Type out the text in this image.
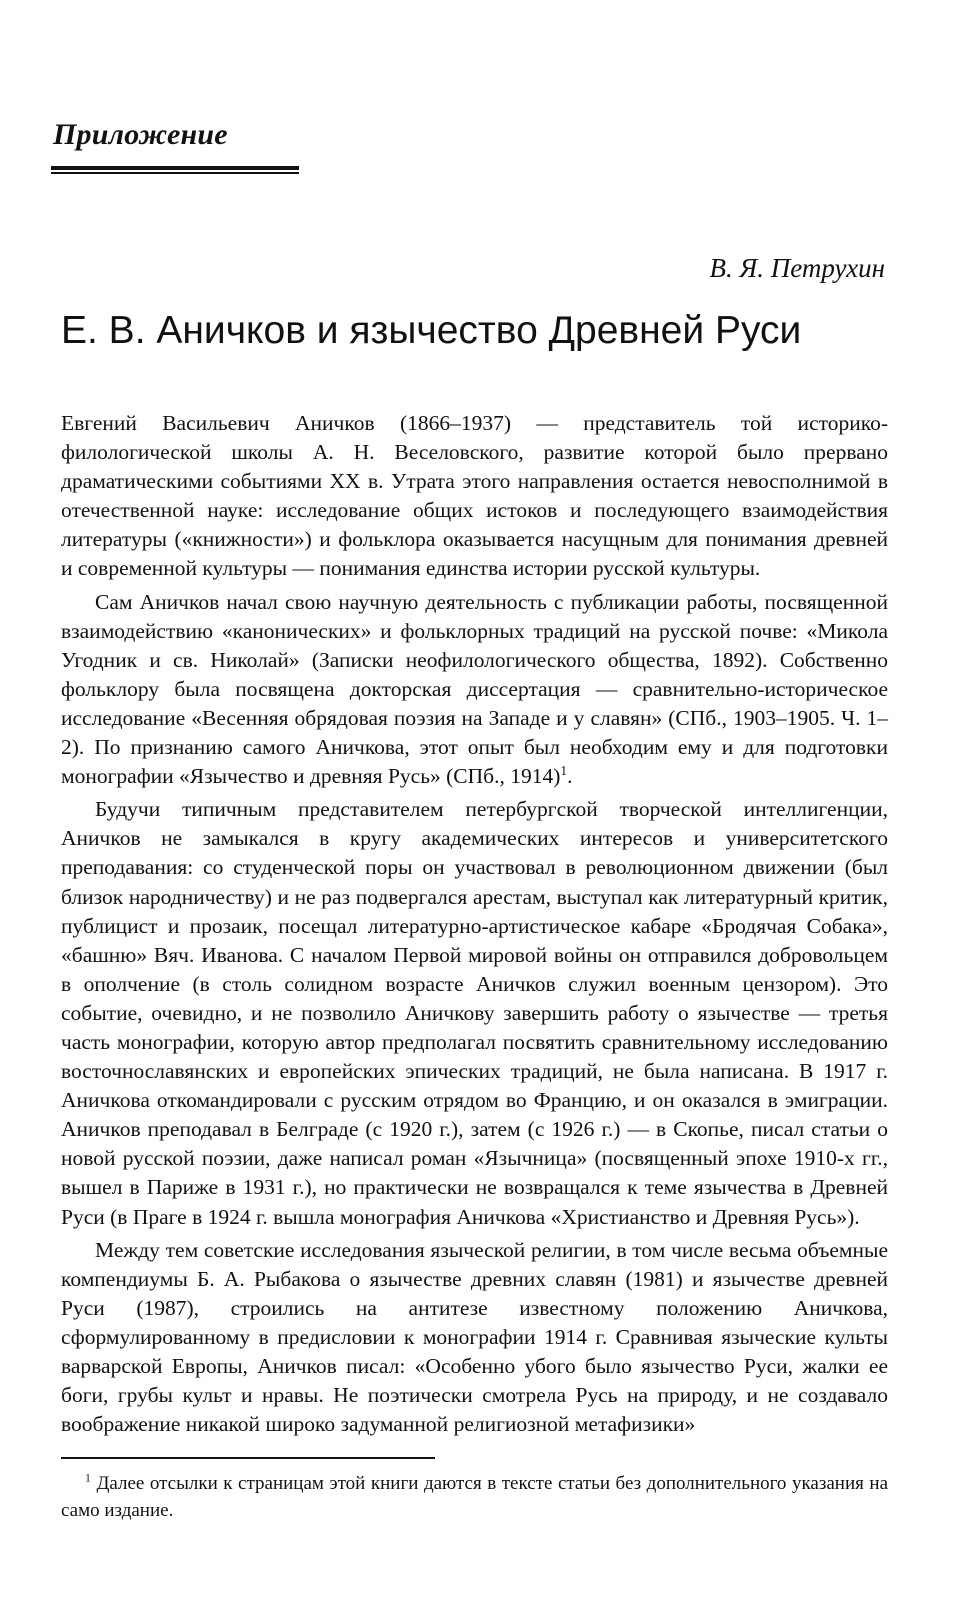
Приложение

В. Я. Петрухин

Е. В. Аничков и язычество Древней Руси

Евгений Васильевич Аничков (1866–1937) — представитель той историко-филологической школы А. Н. Веселовского, развитие которой было прервано драматическими событиями XX в. Утрата этого направления остается невосполнимой в отечественной науке: исследование общих истоков и последующего взаимодействия литературы («книжности») и фольклора оказывается насущным для понимания древней и современной культуры — понимания единства истории русской культуры.

Сам Аничков начал свою научную деятельность с публикации работы, посвященной взаимодействию «канонических» и фольклорных традиций на русской почве: «Микола Угодник и св. Николай» (Записки неофилологического общества, 1892). Собственно фольклору была посвящена докторская диссертация — сравнительно-историческое исследование «Весенняя обрядовая поэзия на Западе и у славян» (СПб., 1903–1905. Ч. 1–2). По признанию самого Аничкова, этот опыт был необходим ему и для подготовки монографии «Язычество и древняя Русь» (СПб., 1914)$^1$.

Будучи типичным представителем петербургской творческой интеллигенции, Аничков не замыкался в кругу академических интересов и университетского преподавания: со студенческой поры он участвовал в революционном движении (был близок народничеству) и не раз подвергался арестам, выступал как литературный критик, публицист и прозаик, посещал литературно-артистическое кабаре «Бродячая Собака», «башню» Вяч. Иванова. С началом Первой мировой войны он отправился добровольцем в ополчение (в столь солидном возрасте Аничков служил военным цензором). Это событие, очевидно, и не позволило Аничкову завершить работу о язычестве — третья часть монографии, которую автор предполагал посвятить сравнительному исследованию восточнославянских и европейских эпических традиций, не была написана. В 1917 г. Аничкова откомандировали с русским отрядом во Францию, и он оказался в эмиграции. Аничков преподавал в Белграде (с 1920 г.), затем (с 1926 г.) — в Скопье, писал статьи о новой русской поэзии, даже написал роман «Язычница» (посвященный эпохе 1910-х гг., вышел в Париже в 1931 г.), но практически не возвращался к теме язычества в Древней Руси (в Праге в 1924 г. вышла монография Аничкова «Христианство и Древняя Русь»).

Между тем советские исследования языческой религии, в том числе весьма объемные компендиумы Б. А. Рыбакова о язычестве древних славян (1981) и язычестве древней Руси (1987), строились на антитезе известному положению Аничкова, сформулированному в предисловии к монографии 1914 г. Сравнивая языческие культы варварской Европы, Аничков писал: «Особенно убого было язычество Руси, жалки ее боги, грубы культ и нравы. Не поэтически смотрела Русь на природу, и не создавало воображение никакой широко задуманной религиозной метафизики»

$^1$ Далее отсылки к страницам этой книги даются в тексте статьи без дополнительного указания на само издание.
